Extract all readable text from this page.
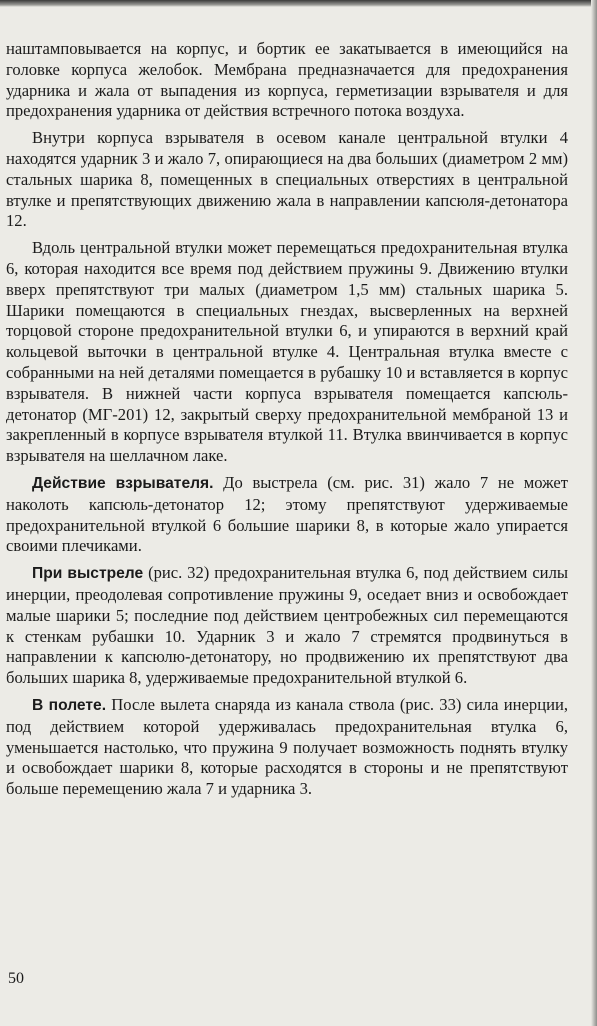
наштамповывается на корпус, и бортик ее закатывается в имеющийся на головке корпуса желобок. Мембрана предназначается для предохранения ударника и жала от выпадения из корпуса, герметизации взрывателя и для предохранения ударника от действия встречного потока воздуха.

Внутри корпуса взрывателя в осевом канале центральной втулки 4 находятся ударник 3 и жало 7, опирающиеся на два больших (диаметром 2 мм) стальных шарика 8, помещенных в специальных отверстиях в центральной втулке и препятствующих движению жала в направлении капсюля-детонатора 12.

Вдоль центральной втулки может перемещаться предохранительная втулка 6, которая находится все время под действием пружины 9. Движению втулки вверх препятствуют три малых (диаметром 1,5 мм) стальных шарика 5. Шарики помещаются в специальных гнездах, высверленных на верхней торцовой стороне предохранительной втулки 6, и упираются в верхний край кольцевой выточки в центральной втулке 4. Центральная втулка вместе с собранными на ней деталями помещается в рубашку 10 и вставляется в корпус взрывателя. В нижней части корпуса взрывателя помещается капсюль-детонатор (МГ-201) 12, закрытый сверху предохранительной мембраной 13 и закрепленный в корпусе взрывателя втулкой 11. Втулка ввинчивается в корпус взрывателя на шеллачном лаке.

Действие взрывателя. До выстрела (см. рис. 31) жало 7 не может наколоть капсюль-детонатор 12; этому препятствуют удерживаемые предохранительной втулкой 6 большие шарики 8, в которые жало упирается своими плечиками.

При выстреле (рис. 32) предохранительная втулка 6, под действием силы инерции, преодолевая сопротивление пружины 9, оседает вниз и освобождает малые шарики 5; последние под действием центробежных сил перемещаются к стенкам рубашки 10. Ударник 3 и жало 7 стремятся продвинуться в направлении к капсюлю-детонатору, но продвижению их препятствуют два больших шарика 8, удерживаемые предохранительной втулкой 6.

В полете. После вылета снаряда из канала ствола (рис. 33) сила инерции, под действием которой удерживалась предохранительная втулка 6, уменьшается настолько, что пружина 9 получает возможность поднять втулку и освобождает шарики 8, которые расходятся в стороны и не препятствуют больше перемещению жала 7 и ударника 3.

50
